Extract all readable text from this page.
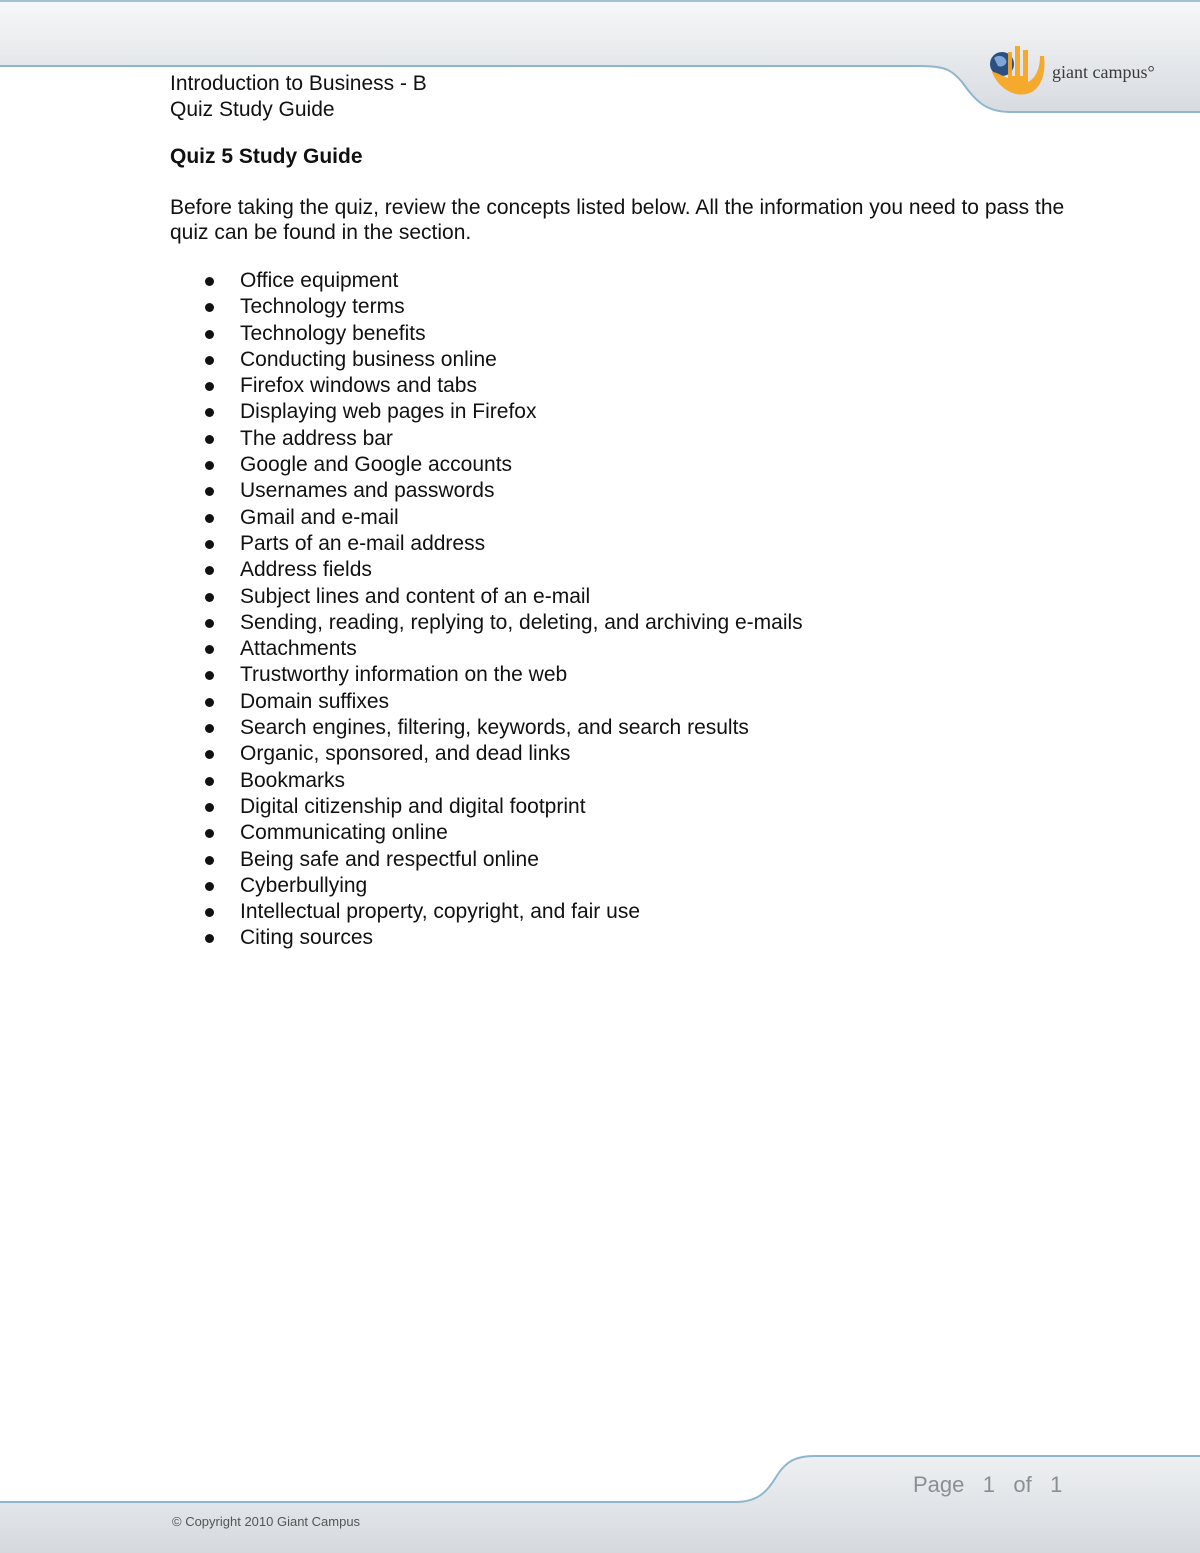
giant campus°
Introduction to Business - B
Quiz Study Guide
Quiz 5 Study Guide
Before taking the quiz, review the concepts listed below. All the information you need to pass the quiz can be found in the section.
Office equipment
Technology terms
Technology benefits
Conducting business online
Firefox windows and tabs
Displaying web pages in Firefox
The address bar
Google and Google accounts
Usernames and passwords
Gmail and e-mail
Parts of an e-mail address
Address fields
Subject lines and content of an e-mail
Sending, reading, replying to, deleting, and archiving e-mails
Attachments
Trustworthy information on the web
Domain suffixes
Search engines, filtering, keywords, and search results
Organic, sponsored, and dead links
Bookmarks
Digital citizenship and digital footprint
Communicating online
Being safe and respectful online
Cyberbullying
Intellectual property, copyright, and fair use
Citing sources
Page 1 of 1
© Copyright 2010 Giant Campus
